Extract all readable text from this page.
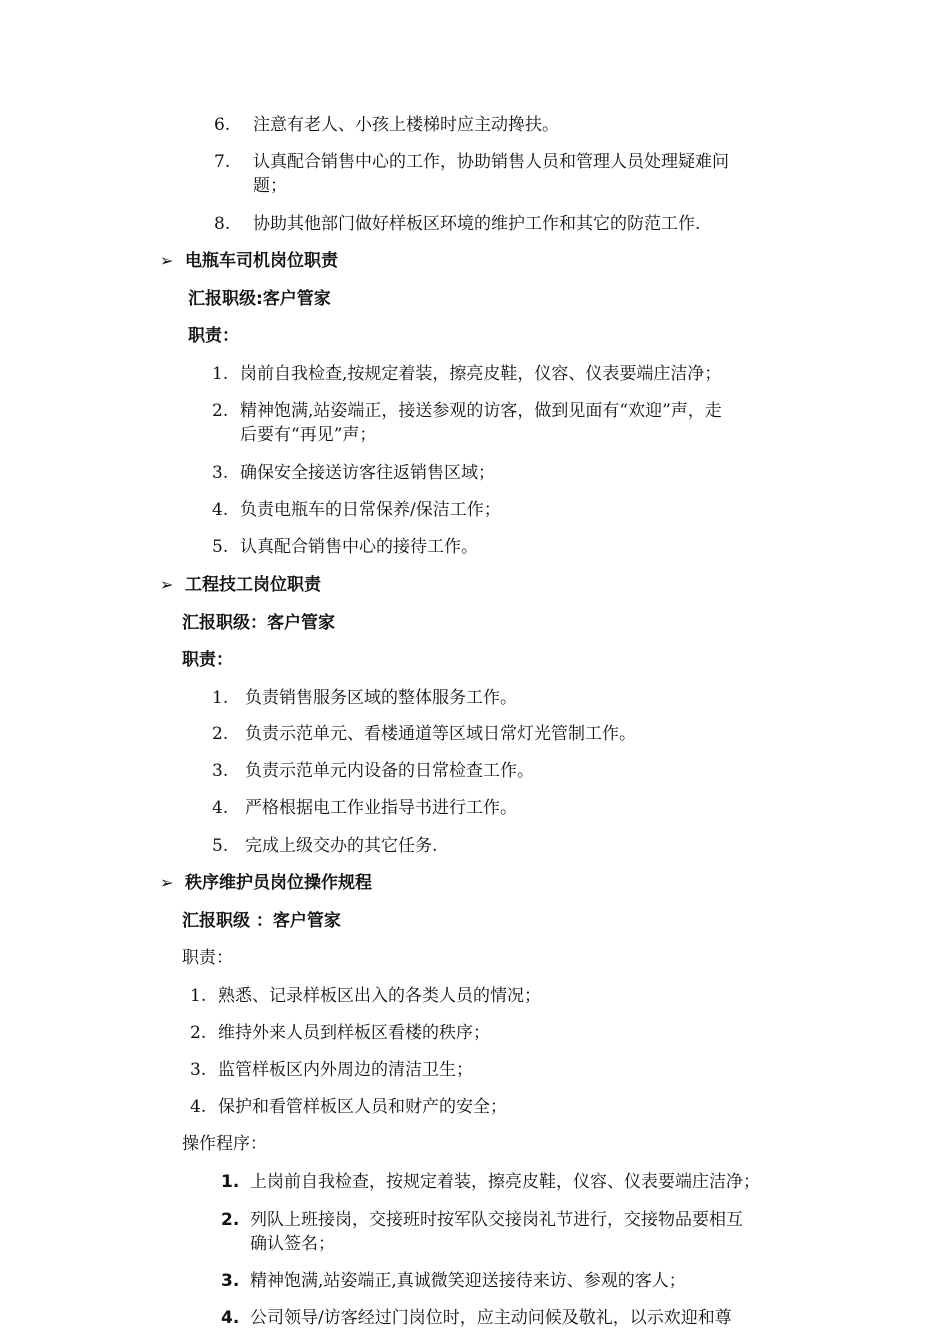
6. 注意有老人、小孩上楼梯时应主动搀扶。
7. 认真配合销售中心的工作，协助销售人员和管理人员处理疑难问
题；
8. 协助其他部门做好样板区环境的维护工作和其它的防范工作.
➢ 电瓶车司机岗位职责
汇报职级:客户管家
职责：
1. 岗前自我检查,按规定着装，擦亮皮鞋，仪容、仪表要端庄洁净；
2. 精神饱满,站姿端正，接送参观的访客，做到见面有“欢迎”声，走
后要有“再见”声；
3. 确保安全接送访客往返销售区域；
4. 负责电瓶车的日常保养/保洁工作；
5. 认真配合销售中心的接待工作。
➢ 工程技工岗位职责
汇报职级：客户管家
职责：
1. 负责销售服务区域的整体服务工作。
2. 负责示范单元、看楼通道等区域日常灯光管制工作。
3. 负责示范单元内设备的日常检查工作。
4. 严格根据电工作业指导书进行工作。
5. 完成上级交办的其它任务.
➢ 秩序维护员岗位操作规程
汇报职级 ：客户管家
职责：
1. 熟悉、记录样板区出入的各类人员的情况；
2. 维持外来人员到样板区看楼的秩序；
3. 监管样板区内外周边的清洁卫生；
4. 保护和看管样板区人员和财产的安全；
操作程序：
1. 上岗前自我检查，按规定着装，擦亮皮鞋，仪容、仪表要端庄洁净；
2. 列队上班接岗，交接班时按军队交接岗礼节进行，交接物品要相互
确认签名；
3. 精神饱满,站姿端正,真诚微笑迎送接待来访、参观的客人；
4. 公司领导/访客经过门岗位时，应主动问候及敬礼，以示欢迎和尊
